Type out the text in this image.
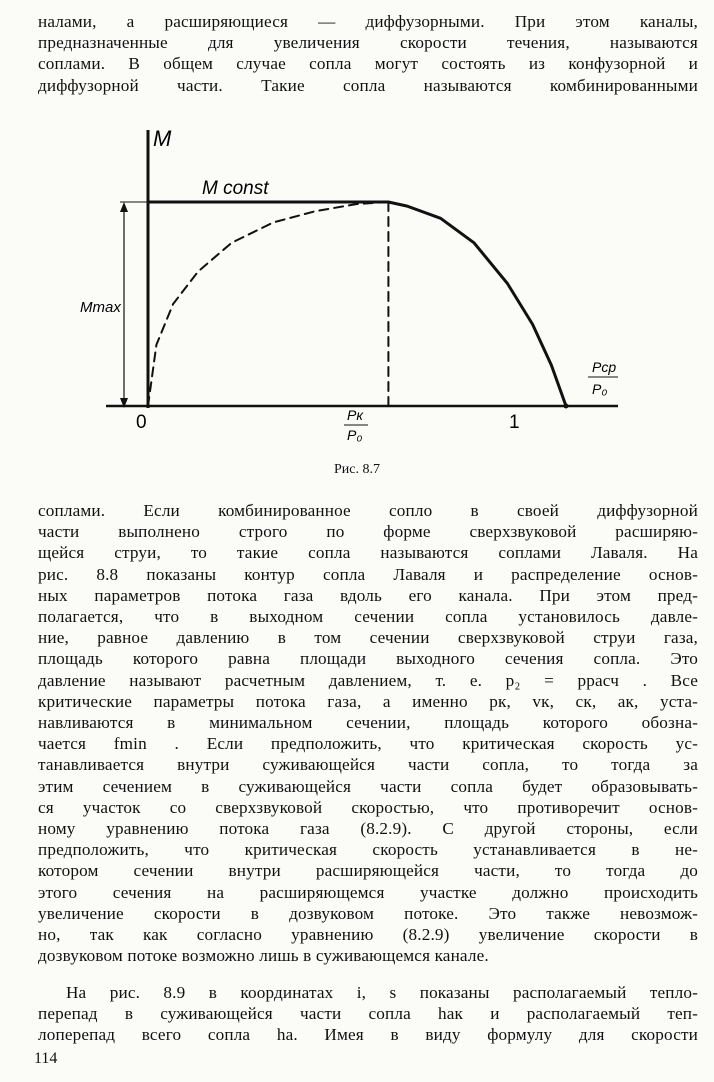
налами, а расширяющиеся — диффузорными. При этом каналы,
предназначенные для увеличения скорости течения, называются
соплами. В общем случае сопла могут состоять из конфузорной и
диффузорной части. Такие сопла называются комбинированными
M
M const
Mmax
0	1
Pк
P₀
Pср
P₀
Рис. 8.7
соплами. Если комбинированное сопло в своей диффузорной
части выполнено строго по форме сверхзвуковой расширяю-
щейся струи, то такие сопла называются соплами Лаваля. На
рис. 8.8 показаны контур сопла Лаваля и распределение основ-
ных параметров потока газа вдоль его канала. При этом пред-
полагается, что в выходном сечении сопла установилось давле-
ние, равное давлению в том сечении сверхзвуковой струи газа,
площадь которого равна площади выходного сечения сопла. Это
давление называют расчетным давлением, т. е. p₂ = pрасч . Все
критические параметры потока газа, а именно pк, vк, cк, aк, уста-
навливаются в минимальном сечении, площадь которого обозна-
чается fmin . Если предположить, что критическая скорость ус-
танавливается внутри суживающейся части сопла, то тогда за
этим сечением в суживающейся части сопла будет образовывать-
ся участок со сверхзвуковой скоростью, что противоречит основ-
ному уравнению потока газа (8.2.9). С другой стороны, если
предположить, что критическая скорость устанавливается в не-
котором сечении внутри расширяющейся части, то тогда до
этого сечения на расширяющемся участке должно происходить
увеличение скорости в дозвуковом потоке. Это также невозмож-
но, так как согласно уравнению (8.2.9) увеличение скорости в
дозвуковом потоке возможно лишь в суживающемся канале.
На рис. 8.9 в координатах i, s показаны располагаемый тепло-
перепад в суживающейся части сопла hак и располагаемый теп-
лоперепад всего сопла hа. Имея в виду формулу для скорости
114
